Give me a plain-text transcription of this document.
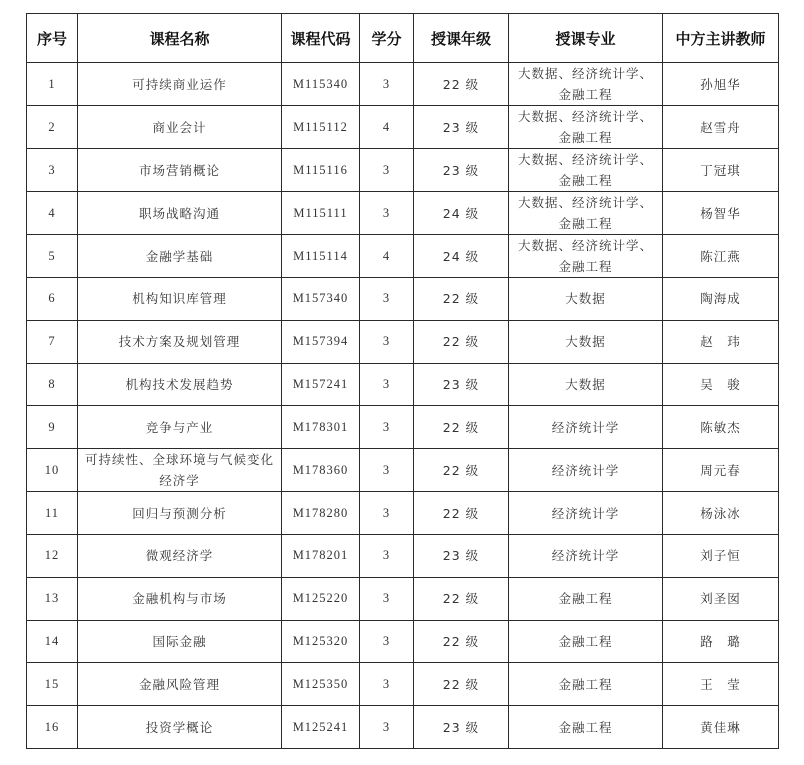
序号	课程名称	课程代码	学分	授课年级	授课专业	中方主讲教师
1	可持续商业运作	M115340	3	22 级	大数据、经济统计学、金融工程	孙旭华
2	商业会计	M115112	4	23 级	大数据、经济统计学、金融工程	赵雪舟
3	市场营销概论	M115116	3	23 级	大数据、经济统计学、金融工程	丁冠琪
4	职场战略沟通	M115111	3	24 级	大数据、经济统计学、金融工程	杨智华
5	金融学基础	M115114	4	24 级	大数据、经济统计学、金融工程	陈江燕
6	机构知识库管理	M157340	3	22 级	大数据	陶海成
7	技术方案及规划管理	M157394	3	22 级	大数据	赵　玮
8	机构技术发展趋势	M157241	3	23 级	大数据	吴　骏
9	竞争与产业	M178301	3	22 级	经济统计学	陈敏杰
10	可持续性、全球环境与气候变化经济学	M178360	3	22 级	经济统计学	周元春
11	回归与预测分析	M178280	3	22 级	经济统计学	杨泳冰
12	微观经济学	M178201	3	23 级	经济统计学	刘子恒
13	金融机构与市场	M125220	3	22 级	金融工程	刘圣囡
14	国际金融	M125320	3	22 级	金融工程	路　璐
15	金融风险管理	M125350	3	22 级	金融工程	王　莹
16	投资学概论	M125241	3	23 级	金融工程	黄佳琳
